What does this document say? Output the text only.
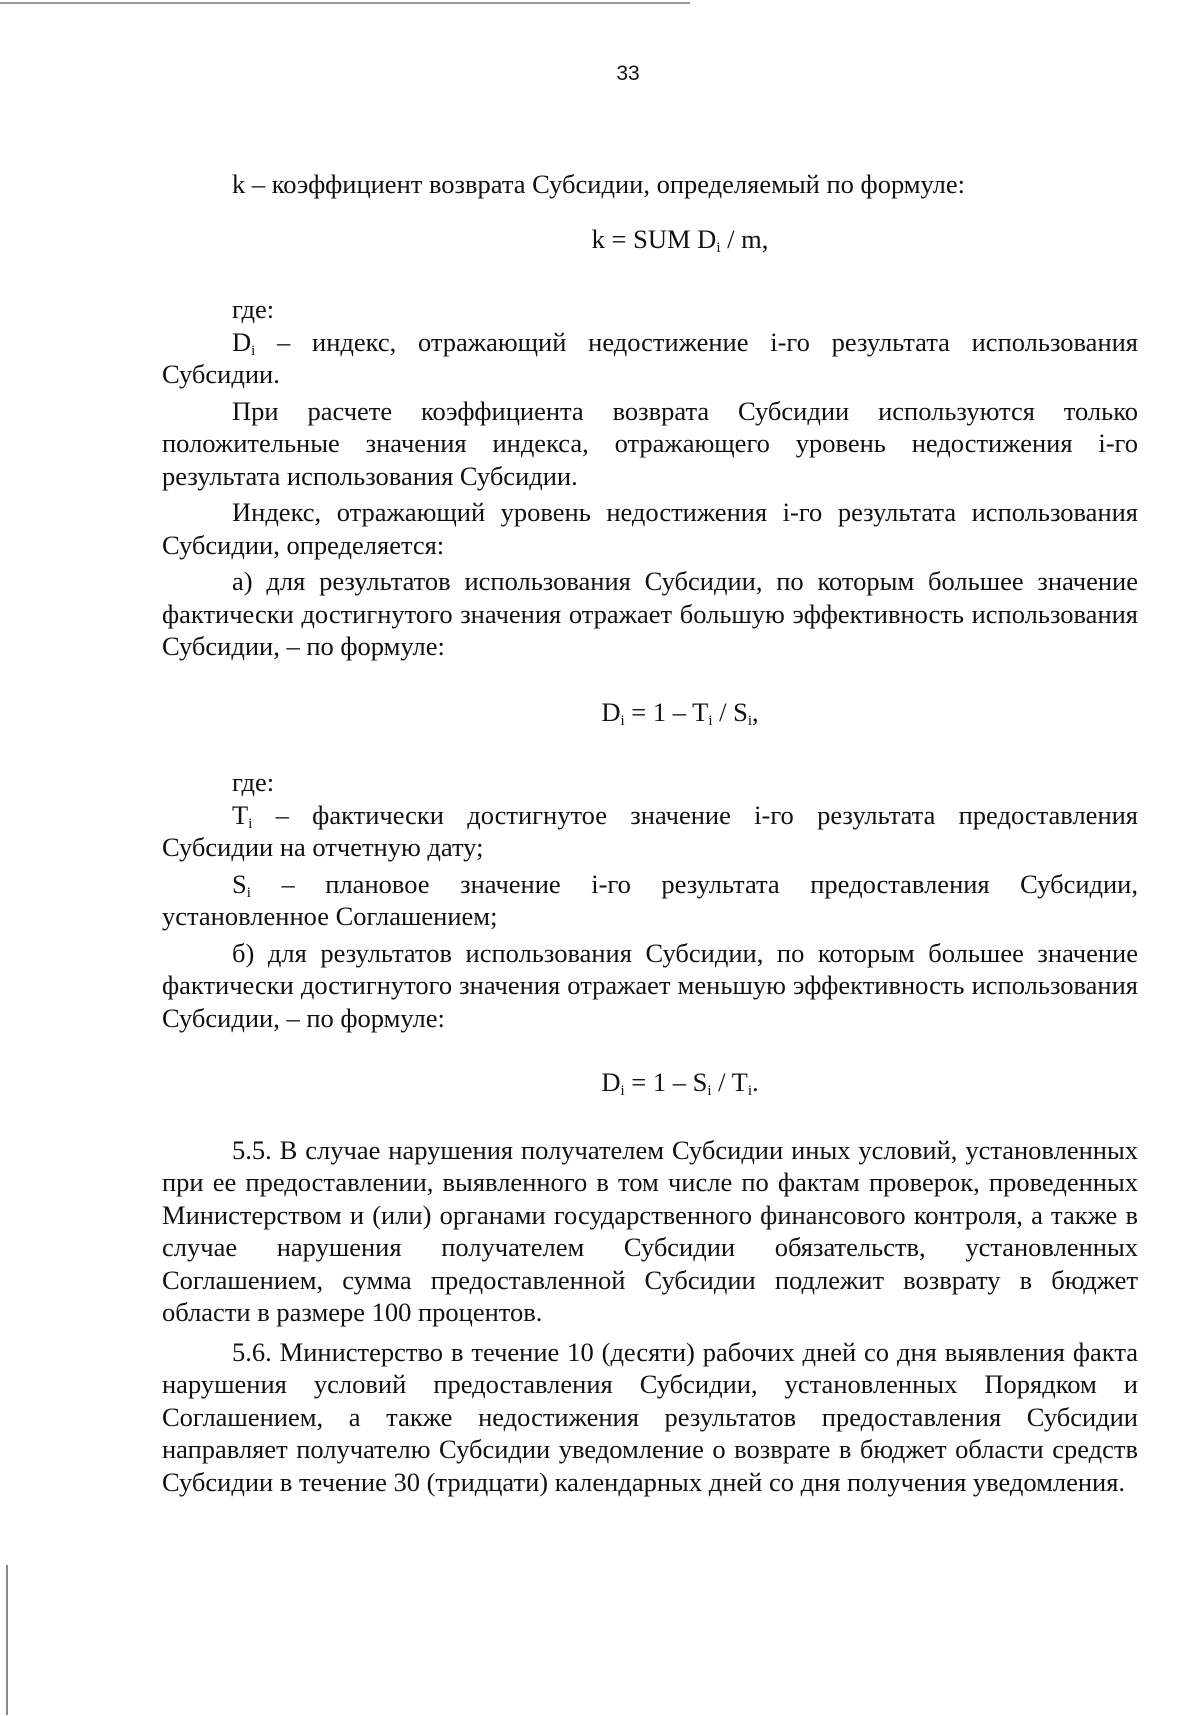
33

k – коэффициент возврата Субсидии, определяемый по формуле:

k = SUM $D_i$ / m,

где:

$D_i$ – индекс, отражающий недостижение i-го результата использования Субсидии.

При расчете коэффициента возврата Субсидии используются только положительные значения индекса, отражающего уровень недостижения i-го результата использования Субсидии.

Индекс, отражающий уровень недостижения i-го результата использования Субсидии, определяется:

а) для результатов использования Субсидии, по которым большее значение фактически достигнутого значения отражает большую эффективность использования Субсидии, – по формуле:

$D_i = 1 - T_i / S_i$,

где:

$T_i$ – фактически достигнутое значение i-го результата предоставления Субсидии на отчетную дату;

$S_i$ – плановое значение i-го результата предоставления Субсидии, установленное Соглашением;

б) для результатов использования Субсидии, по которым большее значение фактически достигнутого значения отражает меньшую эффективность использования Субсидии, – по формуле:

$D_i = 1 - S_i / T_i$.

5.5. В случае нарушения получателем Субсидии иных условий, установленных при ее предоставлении, выявленного в том числе по фактам проверок, проведенных Министерством и (или) органами государственного финансового контроля, а также в случае нарушения получателем Субсидии обязательств, установленных Соглашением, сумма предоставленной Субсидии подлежит возврату в бюджет области в размере 100 процентов.

5.6. Министерство в течение 10 (десяти) рабочих дней со дня выявления факта нарушения условий предоставления Субсидии, установленных Порядком и Соглашением, а также недостижения результатов предоставления Субсидии направляет получателю Субсидии уведомление о возврате в бюджет области средств Субсидии в течение 30 (тридцати) календарных дней со дня получения уведомления.
